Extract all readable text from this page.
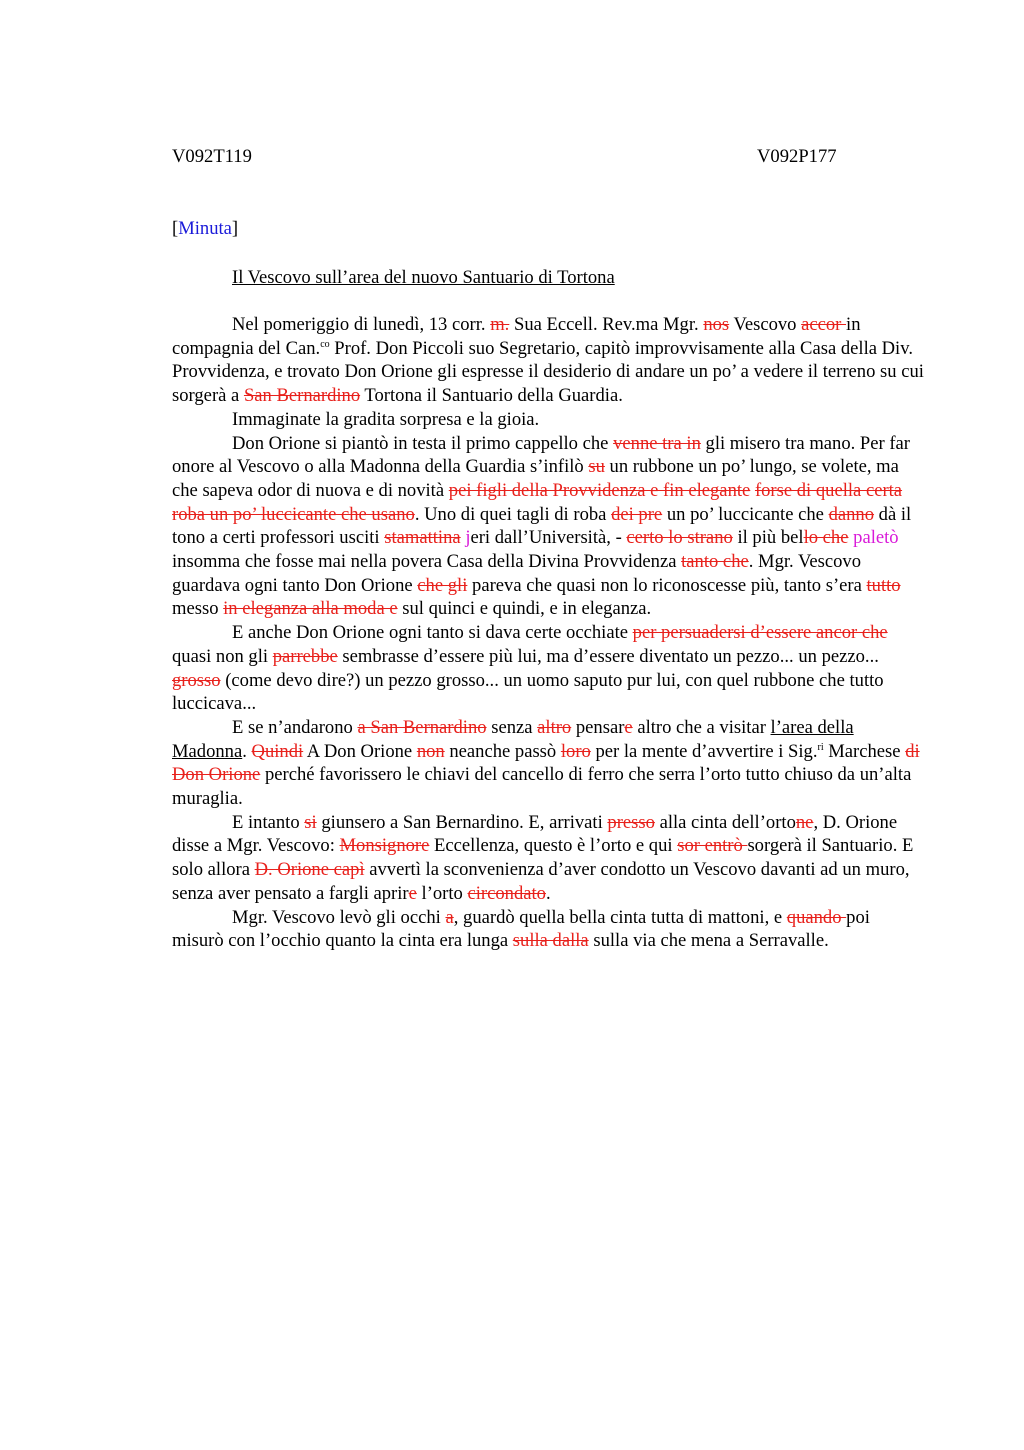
V092T119	V092P177
[Minuta]
Il Vescovo sull’area del nuovo Santuario di Tortona

Nel pomeriggio di lunedì, 13 corr. m. Sua Eccell. Rev.ma Mgr. nos Vescovo accor in compagnia del Can.$^{co}$ Prof. Don Piccoli suo Segretario, capitò improvvisamente alla Casa della Div. Provvidenza, e trovato Don Orione gli espresse il desiderio di andare un po’ a vedere il terreno su cui sorgerà a San Bernardino Tortona il Santuario della Guardia.

Immaginate la gradita sorpresa e la gioia.

Don Orione si piantò in testa il primo cappello che venne tra in gli misero tra mano. Per far onore al Vescovo o alla Madonna della Guardia s’infilò su un rubbone un po’ lungo, se volete, ma che sapeva odor di nuova e di novità pei figli della Provvidenza e fin elegante forse di quella certa roba un po’ luccicante che usano. Uno di quei tagli di roba dei pre un po’ luccicante che danno dà il tono a certi professori usciti stamattina jeri dall’Università, - certo lo strano il più bello che paletò insomma che fosse mai nella povera Casa della Divina Provvidenza tanto che. Mgr. Vescovo guardava ogni tanto Don Orione che gli pareva che quasi non lo riconoscesse più, tanto s’era tutto messo in eleganza alla moda e sul quinci e quindi, e in eleganza.

E anche Don Orione ogni tanto si dava certe occhiate per persuadersi d’essere ancor che quasi non gli parrebbe sembrasse d’essere più lui, ma d’essere diventato un pezzo... un pezzo... grosso (come devo dire?) un pezzo grosso... un uomo saputo pur lui, con quel rubbone che tutto luccicava...

E se n’andarono a San Bernardino senza altro pensare altro che a visitar l’area della Madonna. Quindi A Don Orione non neanche passò loro per la mente d’avvertire i Sig.$^{ri}$ Marchese di Don Orione perché favorissero le chiavi del cancello di ferro che serra l’orto tutto chiuso da un’alta muraglia.

E intanto si giunsero a San Bernardino. E, arrivati presso alla cinta dell’ortone, D. Orione disse a Mgr. Vescovo: Monsignore Eccellenza, questo è l’orto e qui sor entrò sorgerà il Santuario. E solo allora D. Orione capì avvertì la sconvenienza d’aver condotto un Vescovo davanti ad un muro, senza aver pensato a fargli aprire l’orto circondato.

Mgr. Vescovo levò gli occhi a, guardò quella bella cinta tutta di mattoni, e quando poi misurò con l’occhio quanto la cinta era lunga sulla dalla sulla via che mena a Serravalle.
